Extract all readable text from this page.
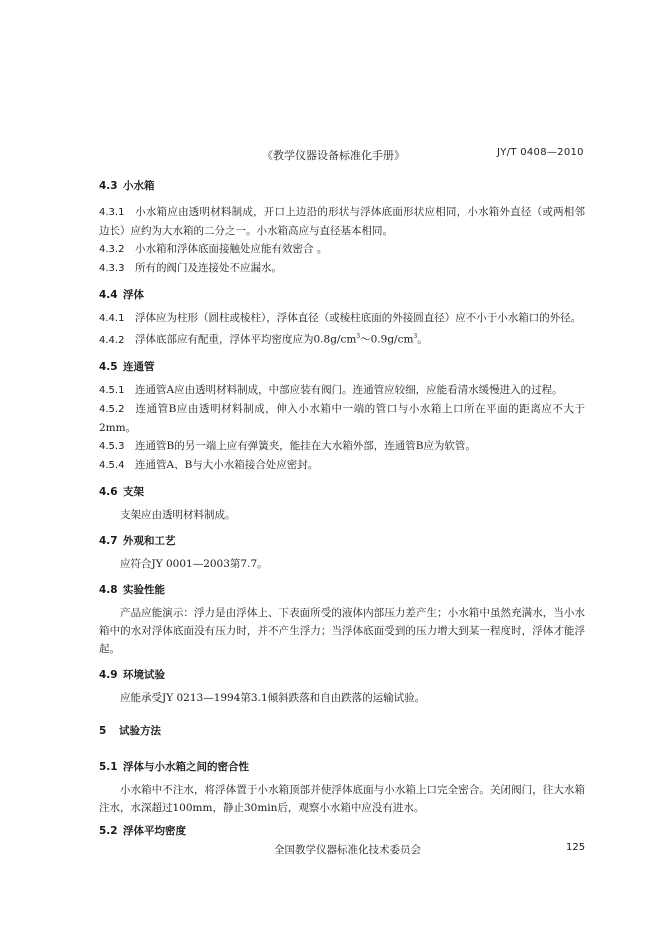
《教学仪器设备标准化手册》	JY/T 0408—2010
4.3 小水箱

4.3.1 小水箱应由透明材料制成，开口上边沿的形状与浮体底面形状应相同，小水箱外直径（或两相邻边长）应约为大水箱的二分之一。小水箱高应与直径基本相同。

4.3.2 小水箱和浮体底面接触处应能有效密合 。

4.3.3 所有的阀门及连接处不应漏水。

4.4 浮体

4.4.1 浮体应为柱形（圆柱或棱柱），浮体直径（或棱柱底面的外接圆直径）应不小于小水箱口的外径。

4.4.2 浮体底部应有配重，浮体平均密度应为$0.8g/cm^3\sim 0.9g/cm^3$。

4.5 连通管

4.5.1 连通管A应由透明材料制成，中部应装有阀门。连通管应较细，应能看清水缓慢进入的过程。

4.5.2 连通管B应由透明材料制成，伸入小水箱中一端的管口与小水箱上口所在平面的距离应不大于2mm。

4.5.3 连通管B的另一端上应有弹簧夹，能挂在大水箱外部，连通管B应为软管。

4.5.4 连通管A、B与大小水箱接合处应密封。

4.6 支架

支架应由透明材料制成。

4.7 外观和工艺

应符合JY 0001—2003第7.7。

4.8 实验性能

产品应能演示：浮力是由浮体上、下表面所受的液体内部压力差产生；小水箱中虽然充满水，当小水箱中的水对浮体底面没有压力时，并不产生浮力；当浮体底面受到的压力增大到某一程度时，浮体才能浮起。

4.9 环境试验

应能承受JY 0213—1994第3.1倾斜跌落和自由跌落的运输试验。

5 试验方法
5.1 浮体与小水箱之间的密合性

小水箱中不注水，将浮体置于小水箱顶部并使浮体底面与小水箱上口完全密合。关闭阀门，往大水箱注水，水深超过100mm，静止30min后，观察小水箱中应没有进水。

5.2 浮体平均密度
全国教学仪器标准化技术委员会	125
